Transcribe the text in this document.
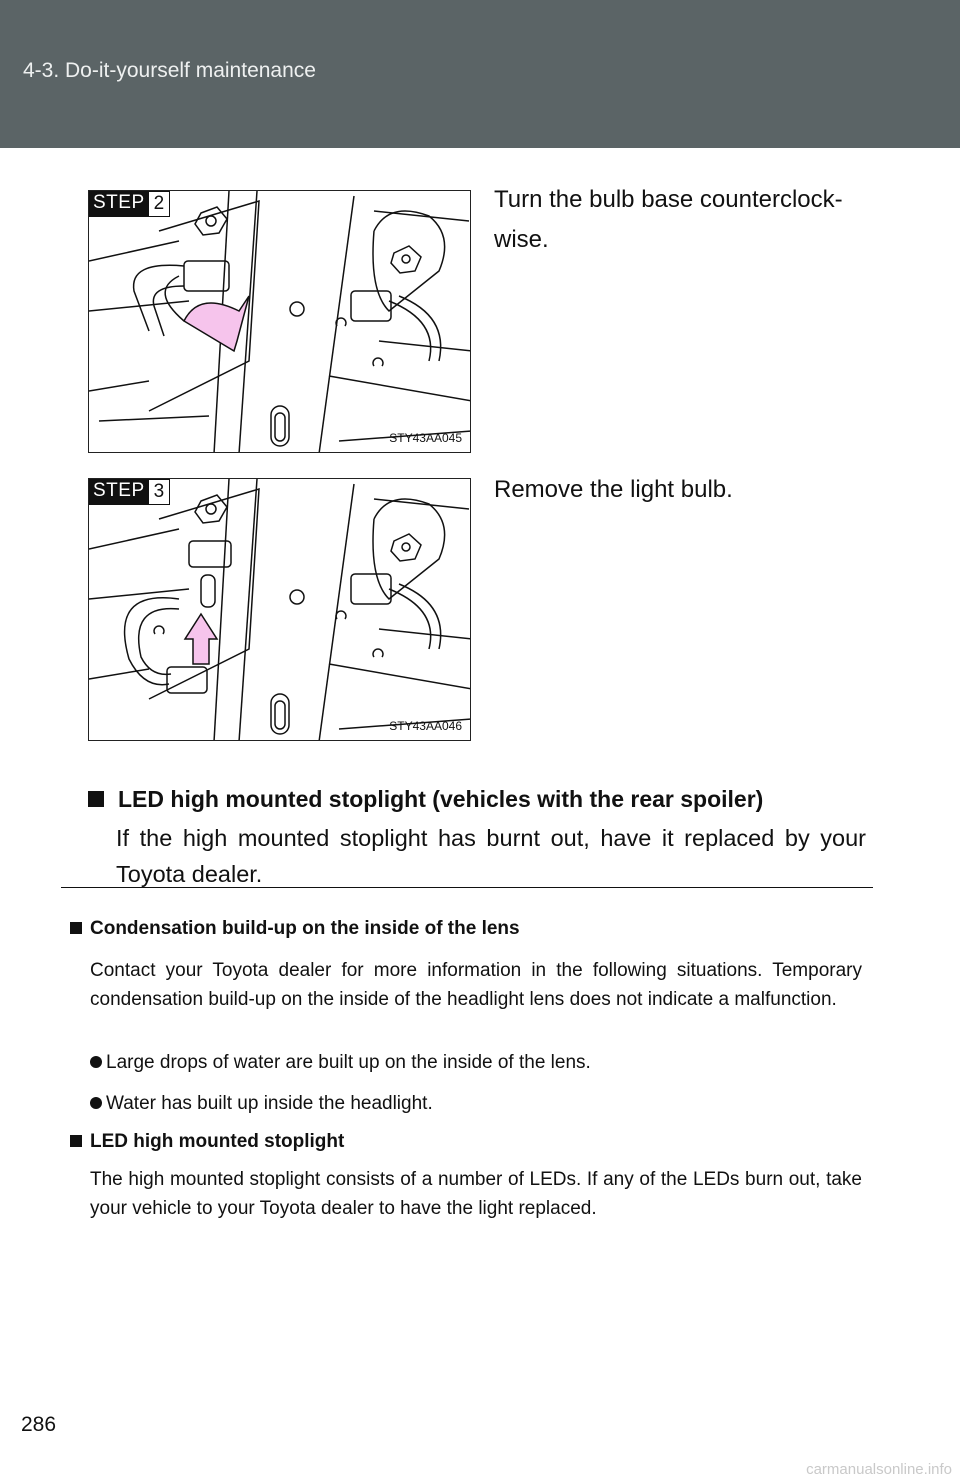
4-3. Do-it-yourself maintenance
STEP 2
STY43AA045
Turn the bulb base counterclock-wise.
STEP 3
STY43AA046
Remove the light bulb.
LED high mounted stoplight (vehicles with the rear spoiler)
If the high mounted stoplight has burnt out, have it replaced by your Toyota dealer.
Condensation build-up on the inside of the lens
Contact your Toyota dealer for more information in the following situations. Temporary condensation build-up on the inside of the headlight lens does not indicate a malfunction.
Large drops of water are built up on the inside of the lens.
Water has built up inside the headlight.
LED high mounted stoplight
The high mounted stoplight consists of a number of LEDs. If any of the LEDs burn out, take your vehicle to your Toyota dealer to have the light replaced.
286
carmanualsonline.info
